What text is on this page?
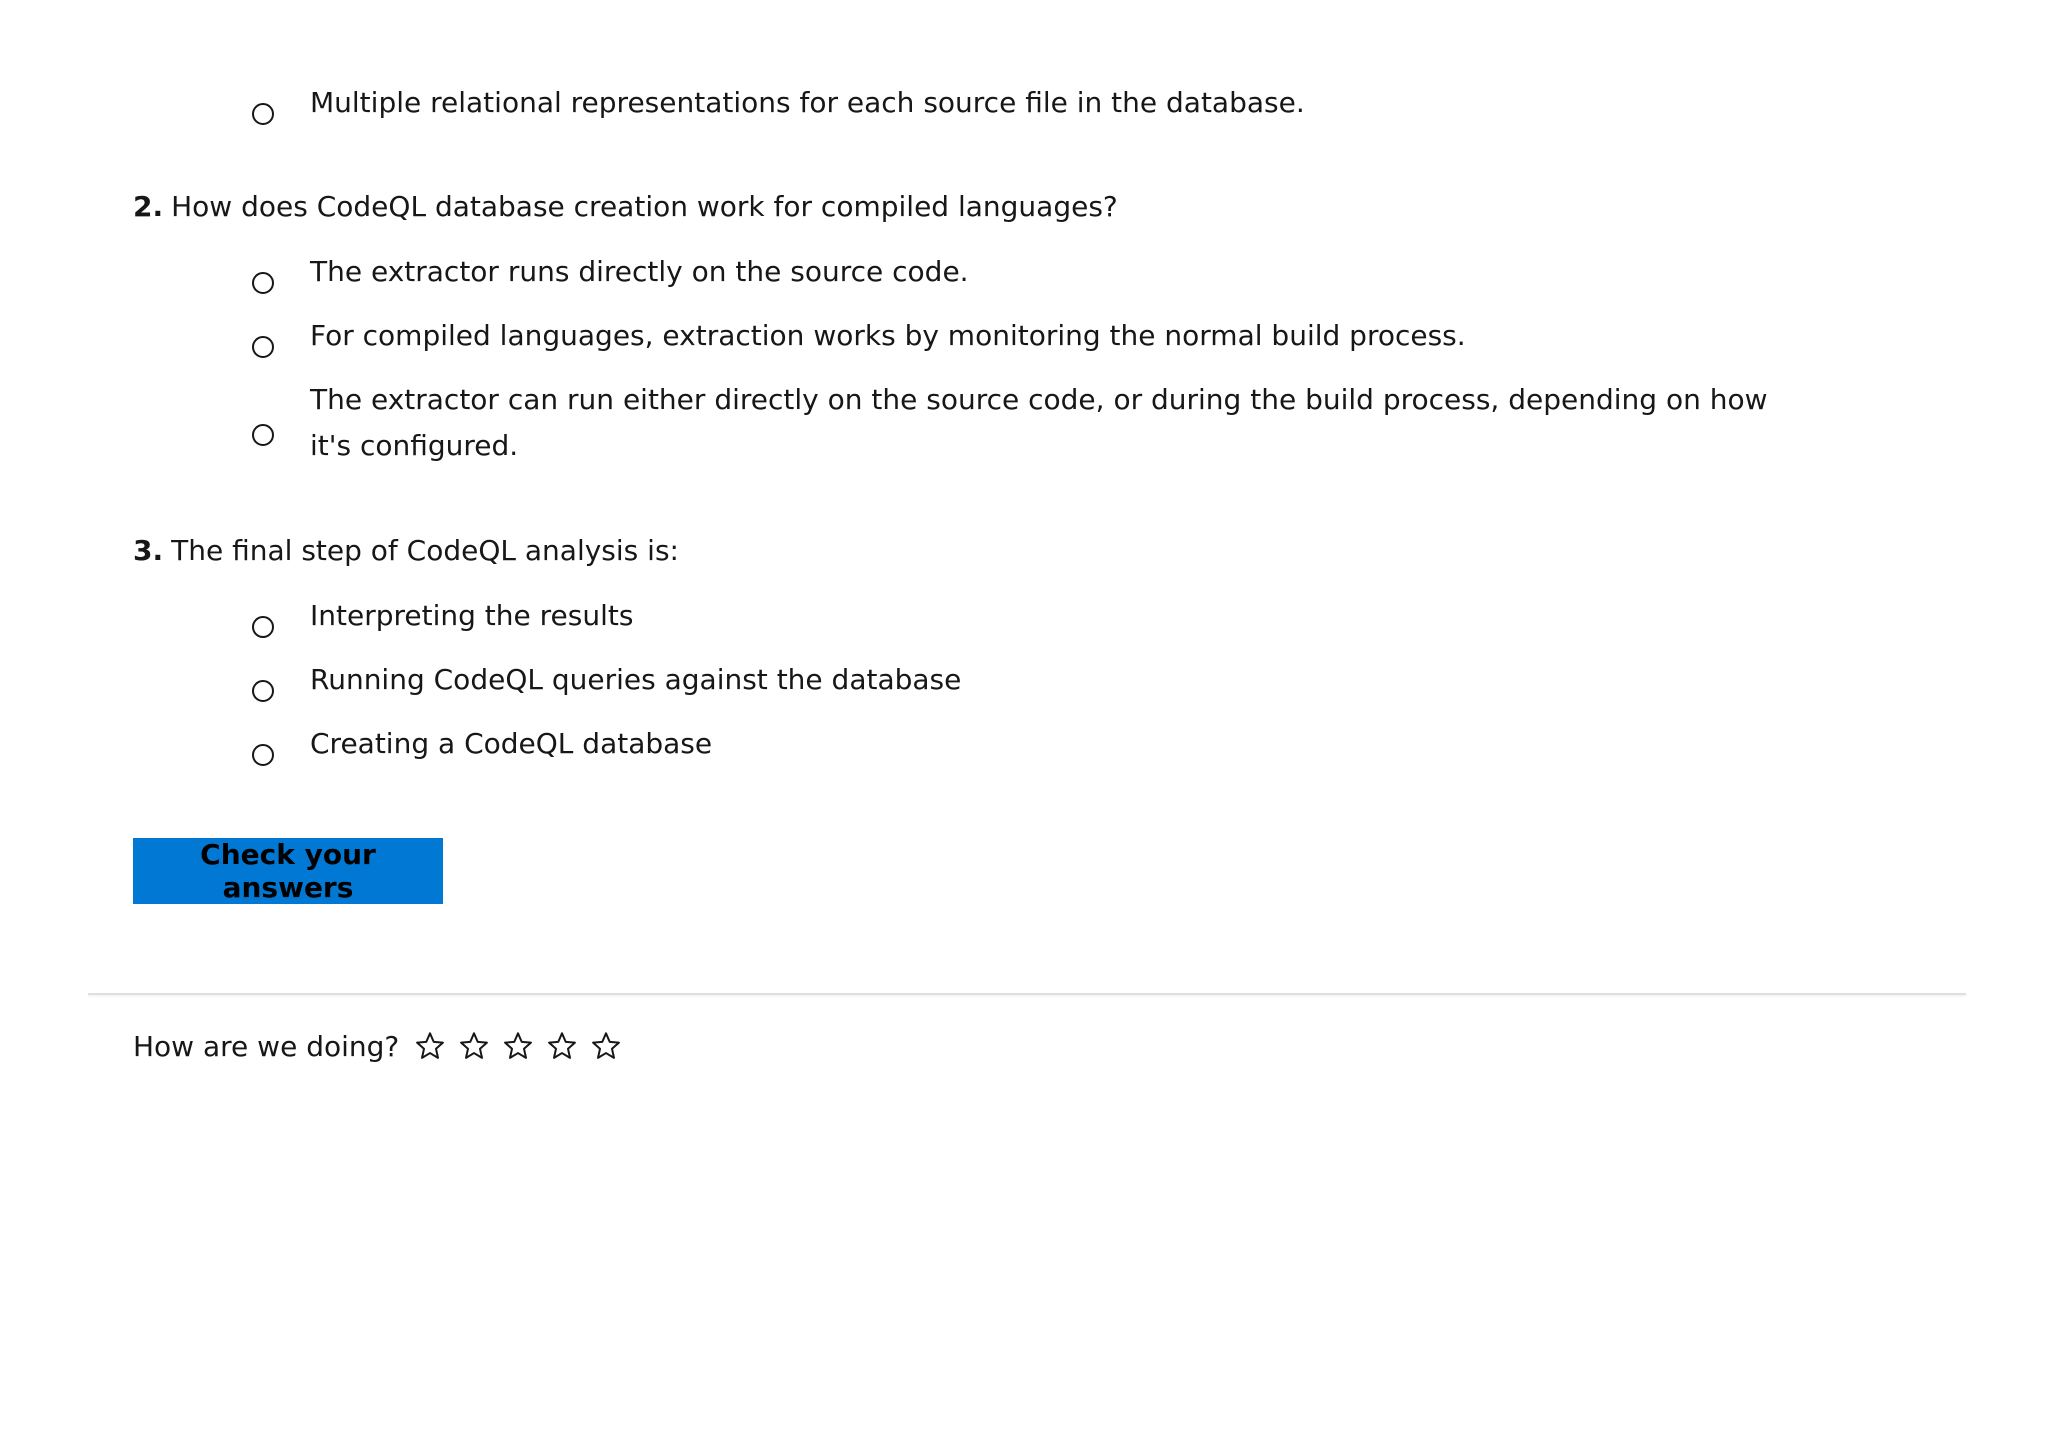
Multiple relational representations for each source file in the database.
2. How does CodeQL database creation work for compiled languages?
The extractor runs directly on the source code.
For compiled languages, extraction works by monitoring the normal build process.
The extractor can run either directly on the source code, or during the build process, depending on how it's configured.
3. The final step of CodeQL analysis is:
Interpreting the results
Running CodeQL queries against the database
Creating a CodeQL database
Check your answers
How are we doing?
